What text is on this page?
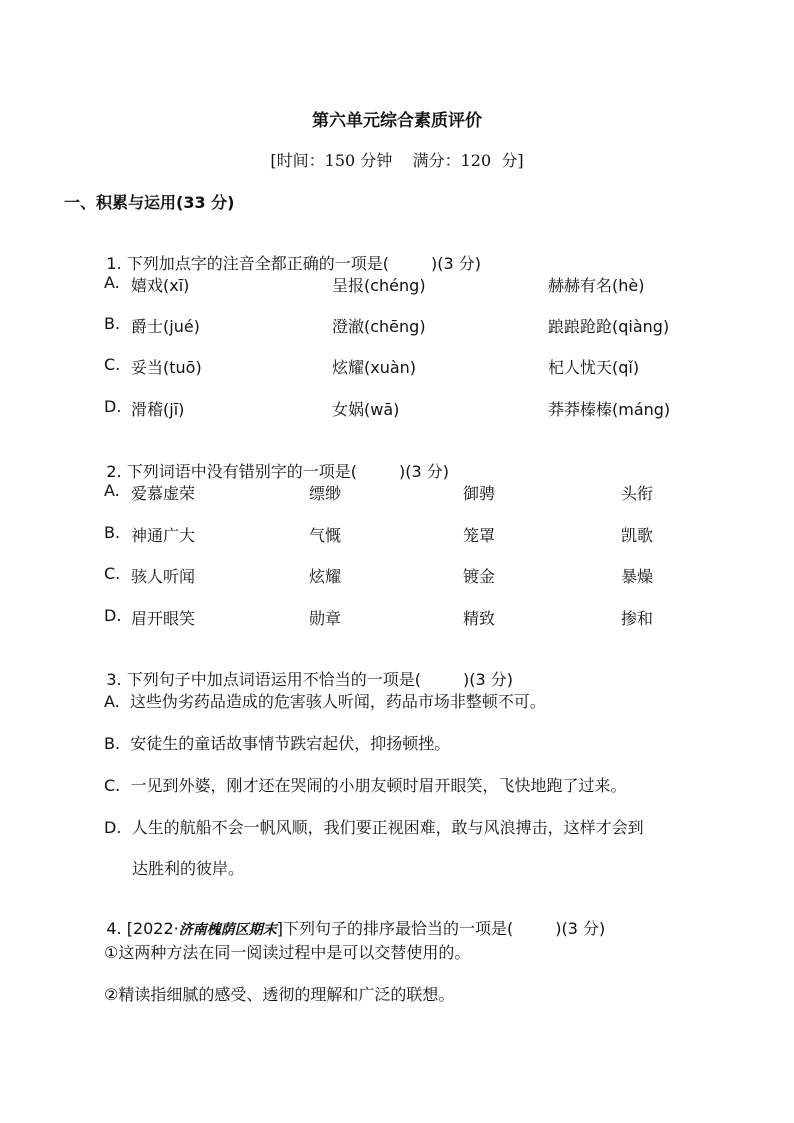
第六单元综合素质评价
[时间：150 分钟    满分：120  分]
一、积累与运用(33 分)

1. 下列加点字的注音全都正确的一项是(	)(3 分)

A. 嬉戏(xī)	呈报(chéng)	赫赫有名(hè)
B. 爵士(jué)	澄澈(chēng)	踉踉跄跄(qiàng)
C. 妥当(tuō)	炫耀(xuàn)	杞人忧天(qǐ)
D. 滑稽(jī)	女娲(wā)	莽莽榛榛(máng)

2. 下列词语中没有错别字的一项是(	)(3 分)

A. 爱慕虚荣	缥缈	御骋	头衔
B. 神通广大	气慨	笼罩	凯歌
C. 骇人听闻	炫耀	镀金	暴燥
D. 眉开眼笑	勋章	精致	掺和

3. 下列句子中加点词语运用不恰当的一项是(	)(3 分)

A. 这些伪劣药品造成的危害骇人听闻，药品市场非整顿不可。
B. 安徒生的童话故事情节跌宕起伏，抑扬顿挫。
C. 一见到外婆，刚才还在哭闹的小朋友顿时眉开眼笑，飞快地跑了过来。
D. 人生的航船不会一帆风顺，我们要正视困难，敢与风浪搏击，这样才会到
达胜利的彼岸。

4. [2022·济南槐荫区期末]下列句子的排序最恰当的一项是(	)(3 分)

①这两种方法在同一阅读过程中是可以交替使用的。
②精读指细腻的感受、透彻的理解和广泛的联想。
